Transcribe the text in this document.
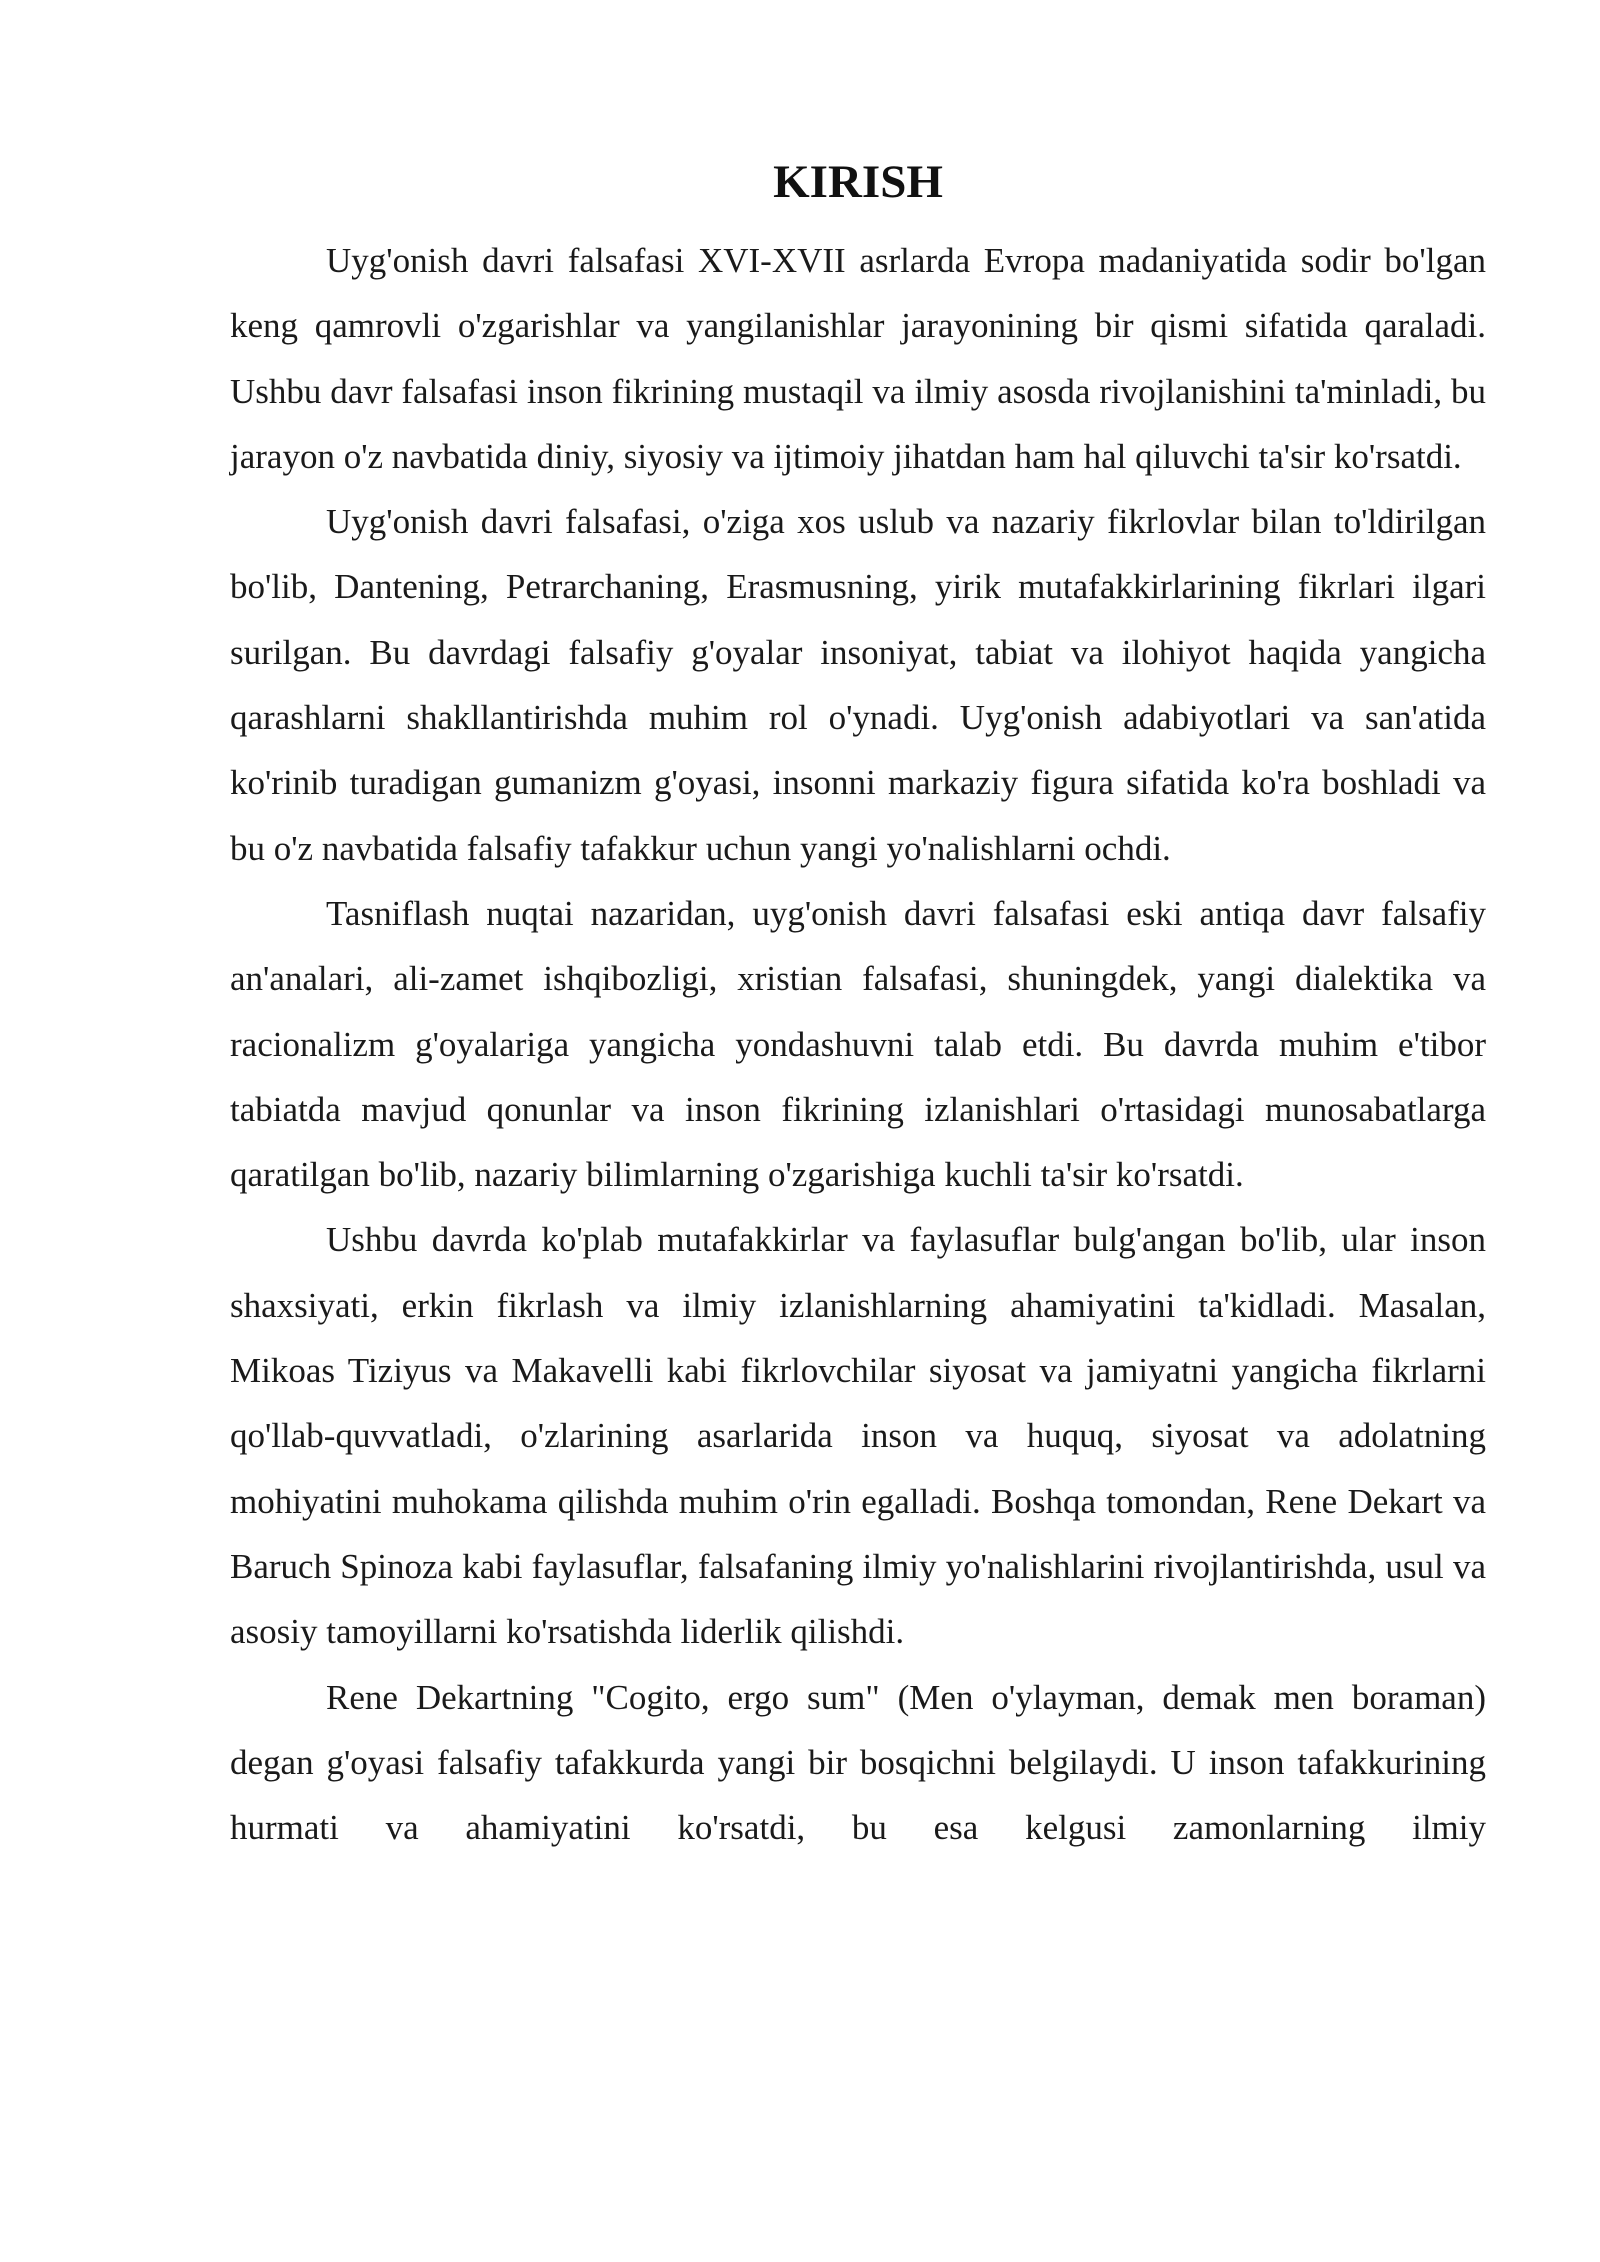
KIRISH

Uyg'onish davri falsafasi XVI-XVII asrlarda Evropa madaniyatida sodir bo'lgan keng qamrovli o'zgarishlar va yangilanishlar jarayonining bir qismi sifatida qaraladi. Ushbu davr falsafasi inson fikrining mustaqil va ilmiy asosda rivojlanishini ta'minladi, bu jarayon o'z navbatida diniy, siyosiy va ijtimoiy jihatdan ham hal qiluvchi ta'sir ko'rsatdi.

Uyg'onish davri falsafasi, o'ziga xos uslub va nazariy fikrlovlar bilan to'ldirilgan bo'lib, Dantening, Petrarchaning, Erasmusning, yirik mutafakkirlarining fikrlari ilgari surilgan. Bu davrdagi falsafiy g'oyalar insoniyat, tabiat va ilohiyot haqida yangicha qarashlarni shakllantirishda muhim rol o'ynadi. Uyg'onish adabiyotlari va san'atida ko'rinib turadigan gumanizm g'oyasi, insonni markaziy figura sifatida ko'ra boshladi va bu o'z navbatida falsafiy tafakkur uchun yangi yo'nalishlarni ochdi.

Tasniflash nuqtai nazaridan, uyg'onish davri falsafasi eski antiqa davr falsafiy an'analari, ali-zamet ishqibozligi, xristian falsafasi, shuningdek, yangi dialektika va racionalizm g'oyalariga yangicha yondashuvni talab etdi. Bu davrda muhim e'tibor tabiatda mavjud qonunlar va inson fikrining izlanishlari o'rtasidagi munosabatlarga qaratilgan bo'lib, nazariy bilimlarning o'zgarishiga kuchli ta'sir ko'rsatdi.

Ushbu davrda ko'plab mutafakkirlar va faylasuflar bulg'angan bo'lib, ular inson shaxsiyati, erkin fikrlash va ilmiy izlanishlarning ahamiyatini ta'kidladi. Masalan, Mikoas Tiziyus va Makavelli kabi fikrlovchilar siyosat va jamiyatni yangicha fikrlarni qo'llab-quvvatladi, o'zlarining asarlarida inson va huquq, siyosat va adolatning mohiyatini muhokama qilishda muhim o'rin egalladi. Boshqa tomondan, Rene Dekart va Baruch Spinoza kabi faylasuflar, falsafaning ilmiy yo'nalishlarini rivojlantirishda, usul va asosiy tamoyillarni ko'rsatishda liderlik qilishdi.

Rene Dekartning "Cogito, ergo sum" (Men o'ylayman, demak men boraman) degan g'oyasi falsafiy tafakkurda yangi bir bosqichni belgilaydi. U inson tafakkurining hurmati va ahamiyatini ko'rsatdi, bu esa kelgusi zamonlarning ilmiy
